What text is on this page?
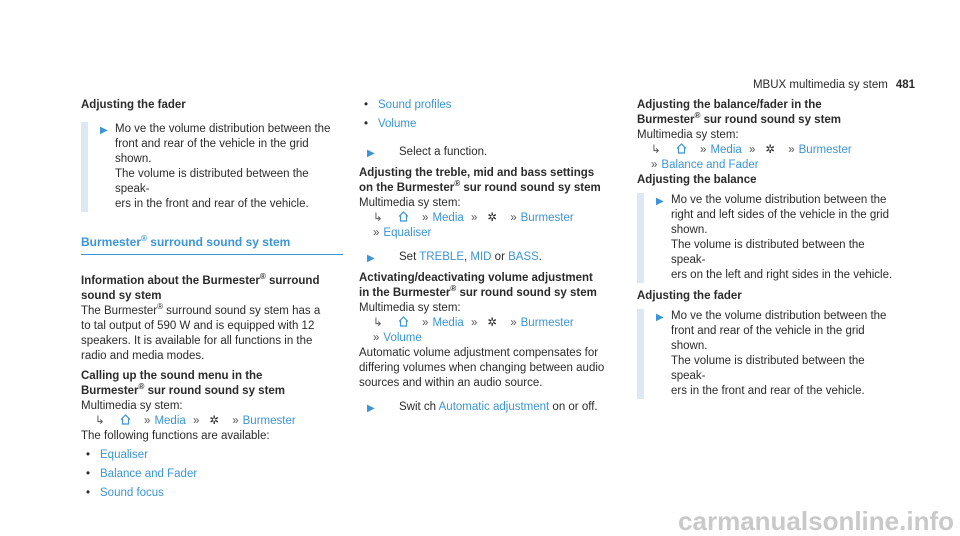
MBUX multimedia sy stem 481

Adjusting the fader

▶ Mo ve the volume distribution between the
front and rear of the vehicle in the grid
shown.
The volume is distributed between the speak‐
ers in the front and rear of the vehicle.
Burmester® surround sound sy stem

Information about the Burmester® surround
sound sy stem

The Burmester® surround sound sy stem has a
to tal output of 590 W and is equipped with 12
speakers. It is available for all functions in the
radio and media modes.

Calling up the sound menu in the
Burmester® sur round sound sy stem

Multimedia sy stem:

↳	» Media » ✲ » Burmester

The following functions are available:

• Equaliser
• Balance and Fader
• Sound focus
• Sound profiles
• Volume
▶	Select a function.

Adjusting the treble, mid and bass settings
on the Burmester® sur round sound sy stem

Multimedia sy stem:

↳	» Media » ✲ » Burmester
» Equaliser
▶	Set TREBLE, MID or BASS.

Activating/deactivating volume adjustment
in the Burmester® sur round sound sy stem

Multimedia sy stem:

↳	» Media » ✲ » Burmester
» Volume

Automatic volume adjustment compensates for
differing volumes when changing between audio
sources and within an audio source.

▶	Swit ch Automatic adjustment on or off.

Adjusting the balance/fader in the
Burmester® sur round sound sy stem

Multimedia sy stem:

↳	» Media » ✲ » Burmester
» Balance and Fader

Adjusting the balance

▶ Mo ve the volume distribution between the
right and left sides of the vehicle in the grid
shown.
The volume is distributed between the speak‐
ers on the left and right sides in the vehicle.

Adjusting the fader

▶ Mo ve the volume distribution between the
front and rear of the vehicle in the grid
shown.
The volume is distributed between the speak‐
ers in the front and rear of the vehicle.
carmanualsonline.info
